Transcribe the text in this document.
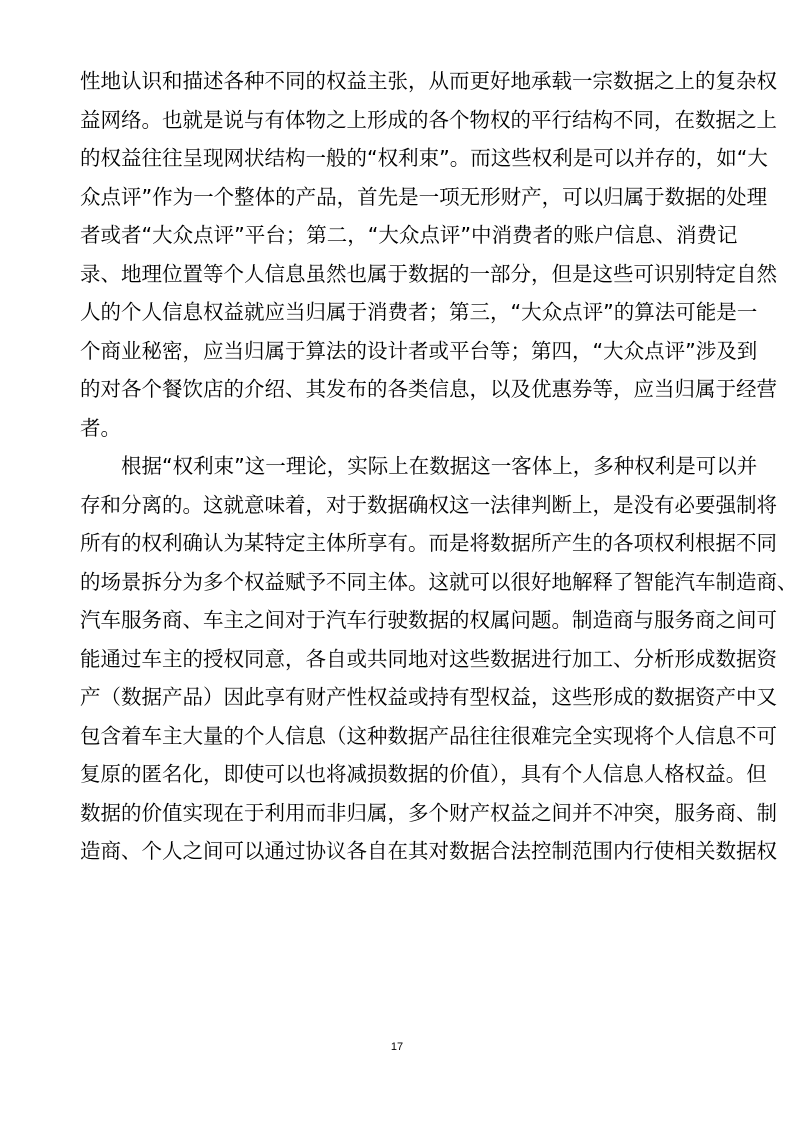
性地认识和描述各种不同的权益主张，从而更好地承载一宗数据之上的复杂权
益网络。也就是说与有体物之上形成的各个物权的平行结构不同，在数据之上
的权益往往呈现网状结构一般的“权利束”。而这些权利是可以并存的，如“大
众点评”作为一个整体的产品，首先是一项无形财产，可以归属于数据的处理
者或者“大众点评”平台；第二，“大众点评”中消费者的账户信息、消费记
录、地理位置等个人信息虽然也属于数据的一部分，但是这些可识别特定自然
人的个人信息权益就应当归属于消费者；第三，“大众点评”的算法可能是一
个商业秘密，应当归属于算法的设计者或平台等；第四，“大众点评”涉及到
的对各个餐饮店的介绍、其发布的各类信息，以及优惠券等，应当归属于经营
者。
根据“权利束”这一理论，实际上在数据这一客体上，多种权利是可以并
存和分离的。这就意味着，对于数据确权这一法律判断上，是没有必要强制将
所有的权利确认为某特定主体所享有。而是将数据所产生的各项权利根据不同
的场景拆分为多个权益赋予不同主体。这就可以很好地解释了智能汽车制造商、
汽车服务商、车主之间对于汽车行驶数据的权属问题。制造商与服务商之间可
能通过车主的授权同意，各自或共同地对这些数据进行加工、分析形成数据资
产（数据产品）因此享有财产性权益或持有型权益，这些形成的数据资产中又
包含着车主大量的个人信息（这种数据产品往往很难完全实现将个人信息不可
复原的匿名化，即使可以也将减损数据的价值），具有个人信息人格权益。但
数据的价值实现在于利用而非归属，多个财产权益之间并不冲突，服务商、制
造商、个人之间可以通过协议各自在其对数据合法控制范围内行使相关数据权
17
